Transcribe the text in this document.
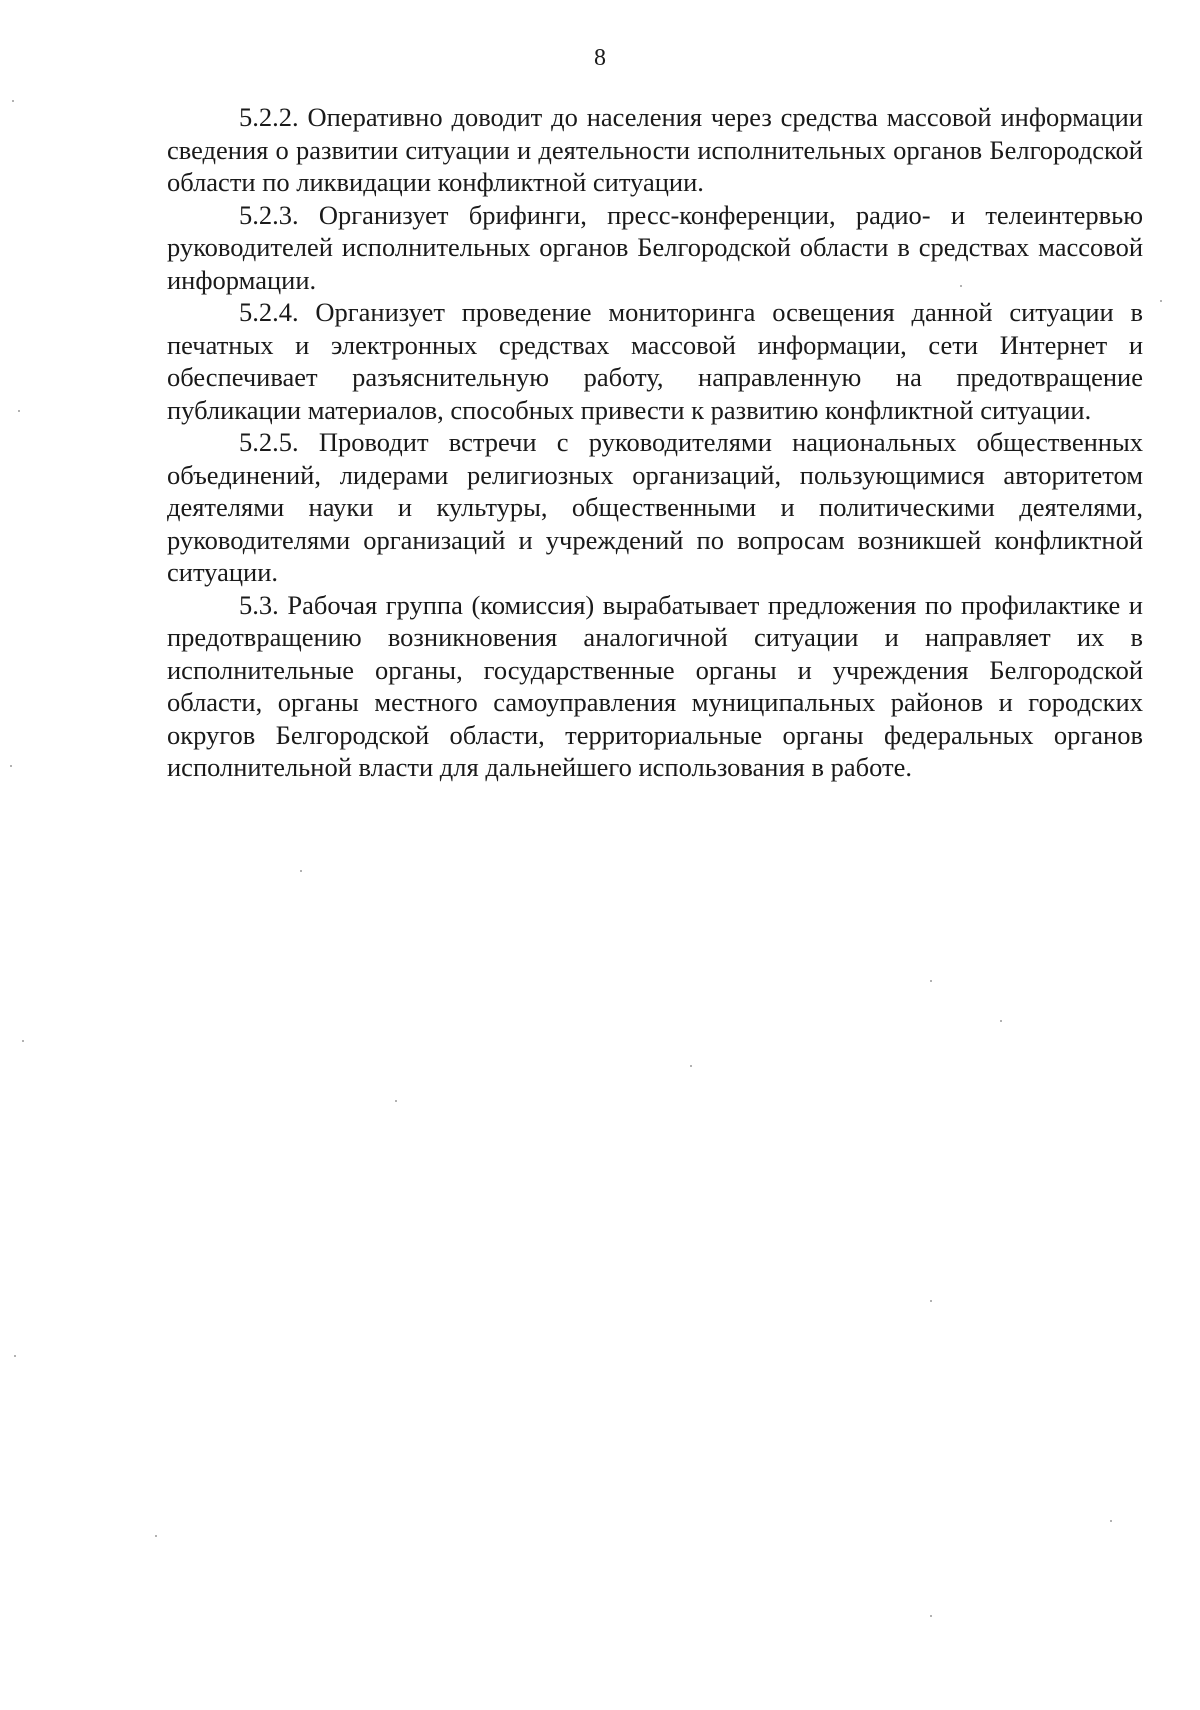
8

5.2.2. Оперативно доводит до населения через средства массовой информации сведения о развитии ситуации и деятельности исполнительных органов Белгородской области по ликвидации конфликтной ситуации.

5.2.3. Организует брифинги, пресс-конференции, радио- и телеинтервью руководителей исполнительных органов Белгородской области в средствах массовой информации.

5.2.4. Организует проведение мониторинга освещения данной ситуации в печатных и электронных средствах массовой информации, сети Интернет и обеспечивает разъяснительную работу, направленную на предотвращение публикации материалов, способных привести к развитию конфликтной ситуации.

5.2.5. Проводит встречи с руководителями национальных общественных объединений, лидерами религиозных организаций, пользующимися авторитетом деятелями науки и культуры, общественными и политическими деятелями, руководителями организаций и учреждений по вопросам возникшей конфликтной ситуации.

5.3. Рабочая группа (комиссия) вырабатывает предложения по профилактике и предотвращению возникновения аналогичной ситуации и направляет их в исполнительные органы, государственные органы и учреждения Белгородской области, органы местного самоуправления муниципальных районов и городских округов Белгородской области, территориальные органы федеральных органов исполнительной власти для дальнейшего использования в работе.
